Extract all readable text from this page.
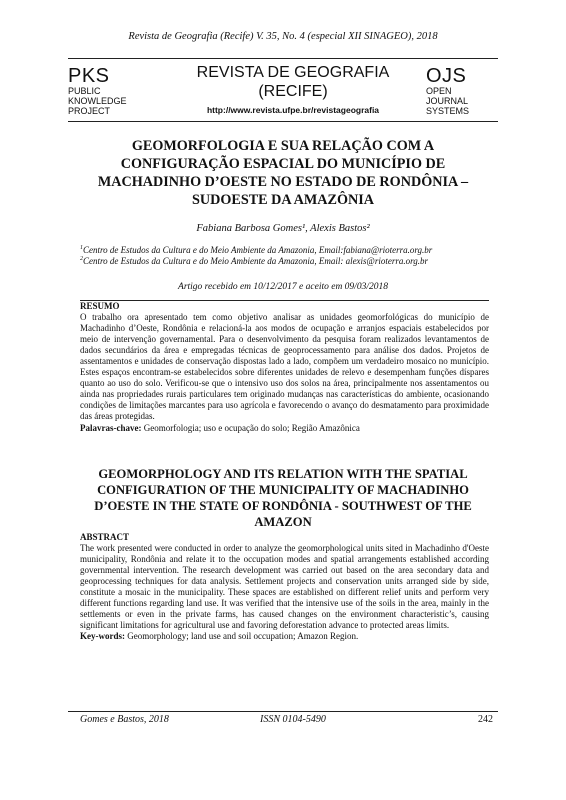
Revista de Geografia (Recife) V. 35, No. 4 (especial XII SINAGEO), 2018
PKS
PUBLIC
KNOWLEDGE
PROJECT
REVISTA DE GEOGRAFIA
(RECIFE)
http://www.revista.ufpe.br/revistageografia
OJS
OPEN
JOURNAL
SYSTEMS
GEOMORFOLOGIA E SUA RELAÇÃO COM A
CONFIGURAÇÃO ESPACIAL DO MUNICÍPIO DE
MACHADINHO D’OESTE NO ESTADO DE RONDÔNIA –
SUDOESTE DA AMAZÔNIA
Fabiana Barbosa Gomes¹, Alexis Bastos²
$^1$Centro de Estudos da Cultura e do Meio Ambiente da Amazonia, Email:fabiana@rioterra.org.br
$^2$Centro de Estudos da Cultura e do Meio Ambiente da Amazonia, Email: alexis@rioterra.org.br
Artigo recebido em 10/12/2017 e aceito em 09/03/2018
RESUMO
O trabalho ora apresentado tem como objetivo analisar as unidades geomorfológicas do município de Machadinho d’Oeste, Rondônia e relacioná-la aos modos de ocupação e arranjos espaciais estabelecidos por meio de intervenção governamental. Para o desenvolvimento da pesquisa foram realizados levantamentos de dados secundários da área e empregadas técnicas de geoprocessamento para análise dos dados. Projetos de assentamentos e unidades de conservação dispostas lado a lado, compõem um verdadeiro mosaico no município. Estes espaços encontram-se estabelecidos sobre diferentes unidades de relevo e desempenham funções díspares quanto ao uso do solo. Verificou-se que o intensivo uso dos solos na área, principalmente nos assentamentos ou ainda nas propriedades rurais particulares tem originado mudanças nas características do ambiente, ocasionando condições de limitações marcantes para uso agrícola e favorecendo o avanço do desmatamento para proximidade das áreas protegidas.
Palavras-chave: Geomorfologia; uso e ocupação do solo; Região Amazônica
GEOMORPHOLOGY AND ITS RELATION WITH THE SPATIAL
CONFIGURATION OF THE MUNICIPALITY OF MACHADINHO
D’OESTE IN THE STATE OF RONDÔNIA - SOUTHWEST OF THE
AMAZON
ABSTRACT
The work presented were conducted in order to analyze the geomorphological units sited in Machadinho d'Oeste municipality, Rondônia and relate it to the occupation modes and spatial arrangements established according governmental intervention. The research development was carried out based on the area secondary data and geoprocessing techniques for data analysis. Settlement projects and conservation units arranged side by side, constitute a mosaic in the municipality. These spaces are established on different relief units and perform very different functions regarding land use. It was verified that the intensive use of the soils in the area, mainly in the settlements or even in the private farms, has caused changes on the environment characteristic’s, causing significant limitations for agricultural use and favoring deforestation advance to protected areas limits.
Key-words: Geomorphology; land use and soil occupation; Amazon Region.
Gomes e Bastos, 2018	ISSN 0104-5490	242
